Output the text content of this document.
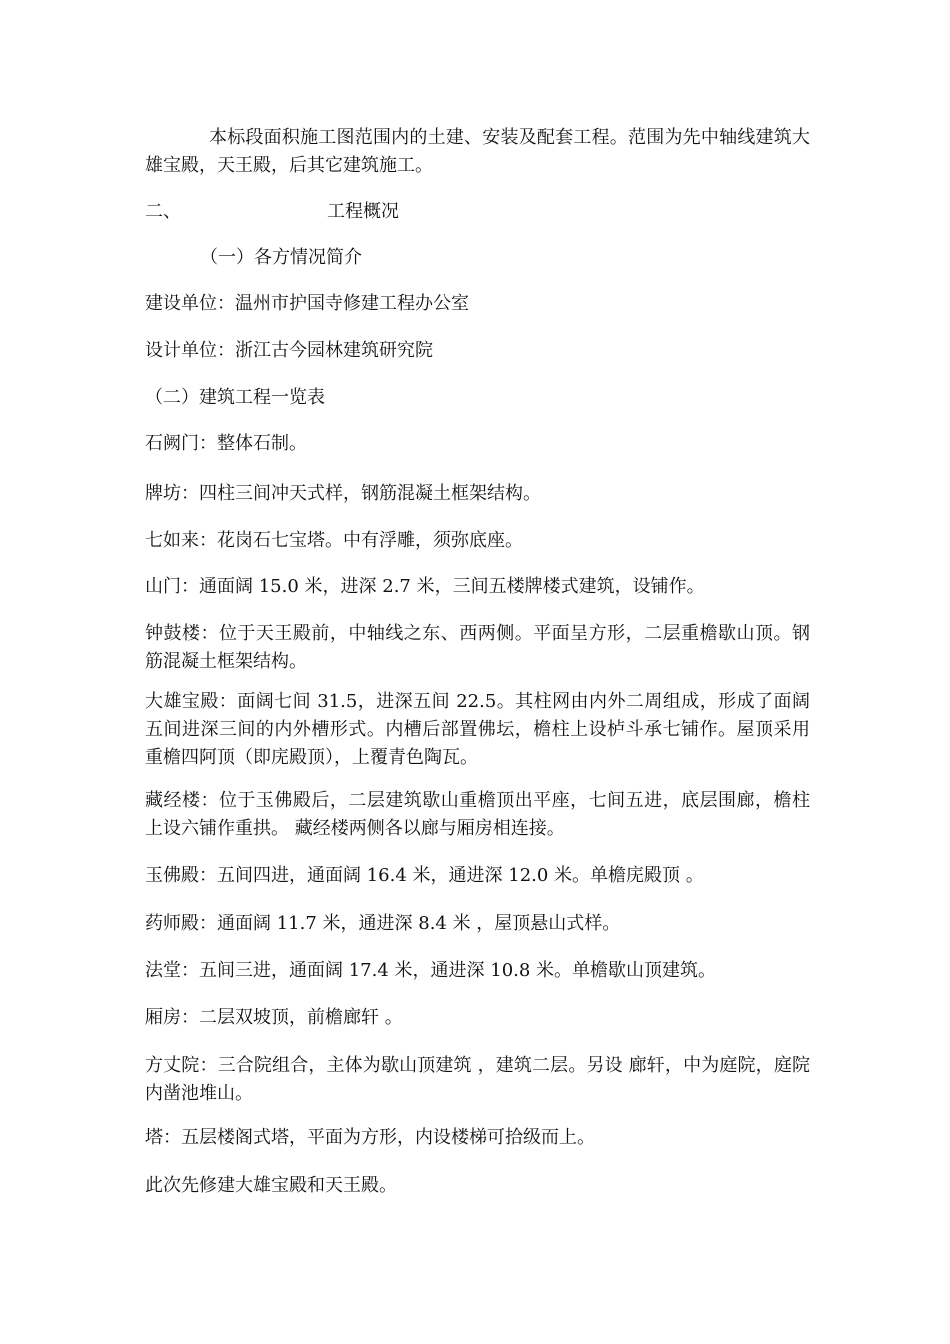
本标段面积施工图范围内的土建、安装及配套工程。范围为先中轴线建筑大雄宝殿，天王殿，后其它建筑施工。

二、	工程概况

（一）各方情况简介

建设单位：温州市护国寺修建工程办公室

设计单位：浙江古今园林建筑研究院

（二）建筑工程一览表

石阙门：整体石制。

牌坊：四柱三间冲天式样，钢筋混凝土框架结构。

七如来：花岗石七宝塔。中有浮雕，须弥底座。

山门：通面阔 15.0 米，进深 2.7 米，三间五楼牌楼式建筑，设铺作。

钟鼓楼：位于天王殿前，中轴线之东、西两侧。平面呈方形，二层重檐歇山顶。钢筋混凝土框架结构。

大雄宝殿：面阔七间 31.5，进深五间 22.5。其柱网由内外二周组成，形成了面阔五间进深三间的内外槽形式。内槽后部置佛坛，檐柱上设栌斗承七铺作。屋顶采用重檐四阿顶（即庑殿顶），上覆青色陶瓦。

藏经楼：位于玉佛殿后，二层建筑歇山重檐顶出平座，七间五进，底层围廊，檐柱上设六铺作重拱。 藏经楼两侧各以廊与厢房相连接。

玉佛殿：五间四进，通面阔 16.4 米，通进深 12.0 米。单檐庑殿顶 。

药师殿：通面阔 11.7 米，通进深 8.4 米 ，屋顶悬山式样。

法堂：五间三进，通面阔 17.4 米，通进深 10.8 米。单檐歇山顶建筑。

厢房：二层双坡顶，前檐廊轩 。

方丈院：三合院组合，主体为歇山顶建筑 ，建筑二层。另设 廊轩，中为庭院，庭院内凿池堆山。

塔：五层楼阁式塔，平面为方形，内设楼梯可拾级而上。

此次先修建大雄宝殿和天王殿。
